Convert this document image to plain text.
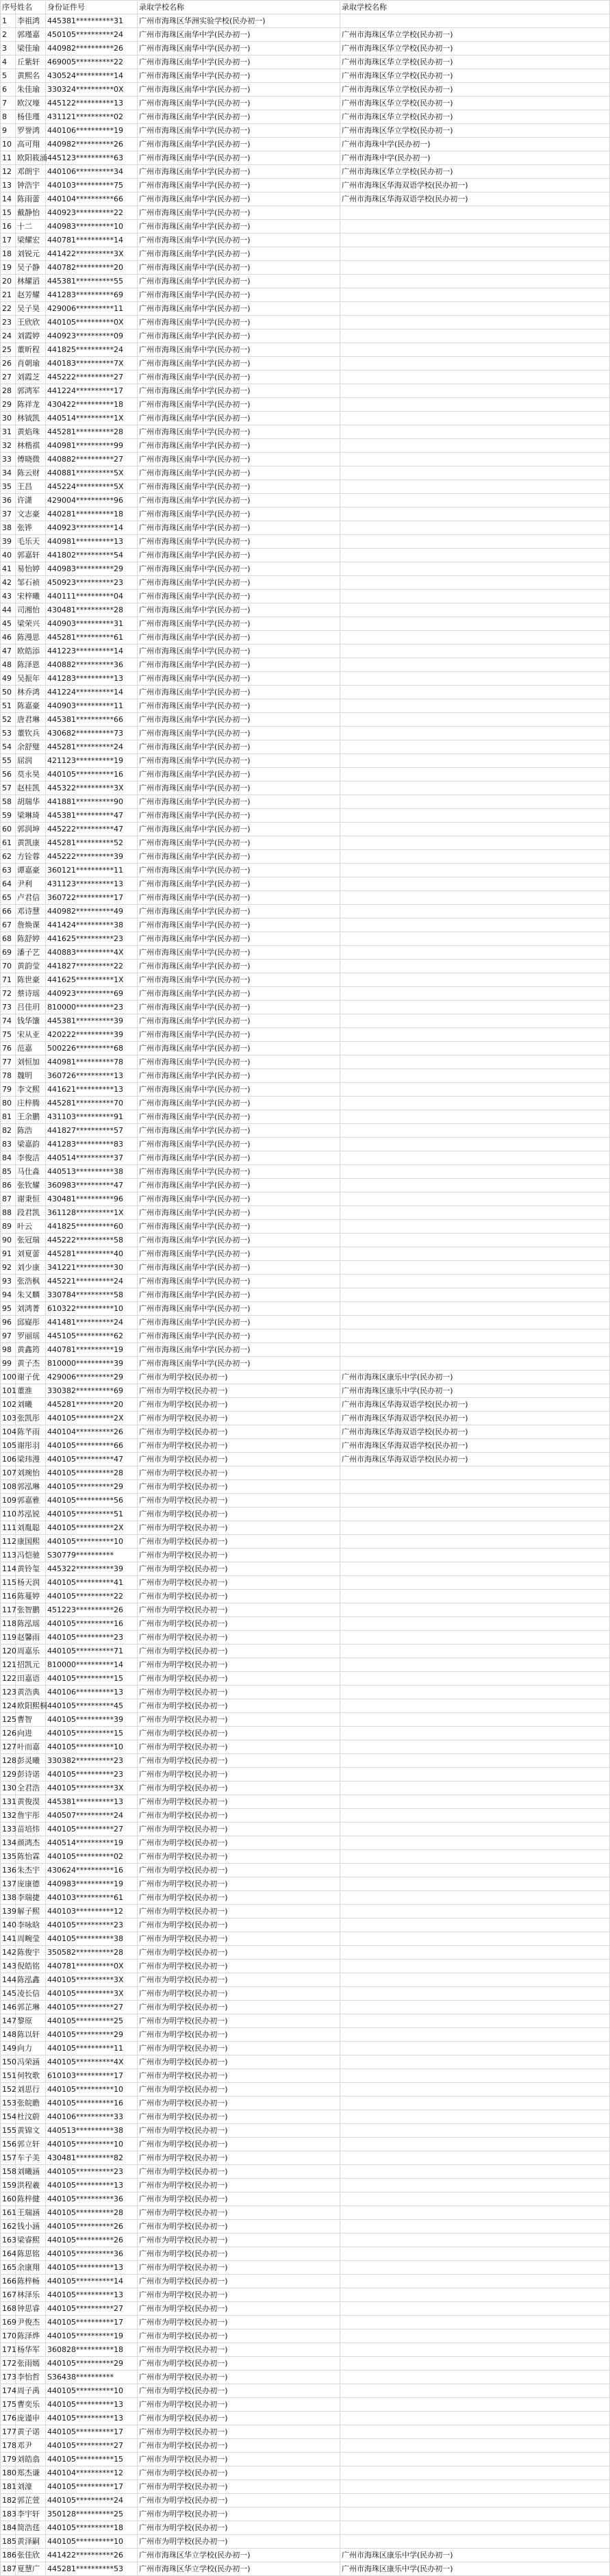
序号	姓名	身份证件号	录取学校名称	录取学校名称
1	李祖鸿	445381**********31	广州市海珠区华洲实验学校(民办初一)	
2	郭瑾嘉	450105**********24	广州市海珠区南华中学(民办初一)	广州市海珠区华立学校(民办初一)
3	梁佳瑜	440982**********26	广州市海珠区南华中学(民办初一)	广州市海珠区华立学校(民办初一)
4	丘紫轩	469005**********22	广州市海珠区南华中学(民办初一)	广州市海珠区华立学校(民办初一)
5	黄熙名	430524**********14	广州市海珠区南华中学(民办初一)	广州市海珠区华立学校(民办初一)
6	朱佳瑜	330324**********0X	广州市海珠区南华中学(民办初一)	广州市海珠区华立学校(民办初一)
7	欧汉壕	445122**********13	广州市海珠区南华中学(民办初一)	广州市海珠区华立学校(民办初一)
8	杨佳瑾	431121**********02	广州市海珠区南华中学(民办初一)	广州市海珠区华立学校(民办初一)
9	罗誉鸿	440106**********19	广州市海珠区南华中学(民办初一)	广州市海珠区华立学校(民办初一)
10	高可翔	440982**********26	广州市海珠区南华中学(民办初一)	广州市海珠中学(民办初一)
11	欧阳筱涌	445123**********63	广州市海珠区南华中学(民办初一)	广州市海珠中学(民办初一)
12	邓朗宇	440106**********34	广州市海珠区南华中学(民办初一)	广州市海珠区华立学校(民办初一)
13	钟浩宇	440103**********75	广州市海珠区南华中学(民办初一)	广州市海珠区华海双语学校(民办初一)
14	陈雨蕾	440104**********66	广州市海珠区南华中学(民办初一)	广州市海珠区华海双语学校(民办初一)
15	戴静怡	440923**********22	广州市海珠区南华中学(民办初一)	
16	十二	440983**********10	广州市海珠区南华中学(民办初一)	
17	梁耀宏	440781**********14	广州市海珠区南华中学(民办初一)	
18	刘锐元	441422**********3X	广州市海珠区南华中学(民办初一)	
19	吴子静	440782**********20	广州市海珠区南华中学(民办初一)	
20	林耀滔	445381**********55	广州市海珠区南华中学(民办初一)	
21	赵芳耀	441283**********69	广州市海珠区南华中学(民办初一)	
22	吴子昊	429006**********11	广州市海珠区南华中学(民办初一)	
23	王欣欣	440105**********0X	广州市海珠区南华中学(民办初一)	
24	刘霞婷	440923**********09	广州市海珠区南华中学(民办初一)	
25	董昕程	441825**********24	广州市海珠区南华中学(民办初一)	
26	肖朝瑜	440183**********7X	广州市海珠区南华中学(民办初一)	
27	刘霞芝	445222**********27	广州市海珠区南华中学(民办初一)	
28	郭鸿军	441224**********17	广州市海珠区南华中学(民办初一)	
29	陈祥龙	430422**********18	广州市海珠区南华中学(民办初一)	
30	林钺凯	440514**********1X	广州市海珠区南华中学(民办初一)	
31	黄焰珠	445281**********28	广州市海珠区南华中学(民办初一)	
32	林楷祺	440981**********99	广州市海珠区南华中学(民办初一)	
33	傅晓微	440882**********27	广州市海珠区南华中学(民办初一)	
34	陈云财	440881**********5X	广州市海珠区南华中学(民办初一)	
35	王昌	445224**********5X	广州市海珠区南华中学(民办初一)	
36	许潇	429004**********96	广州市海珠区南华中学(民办初一)	
37	文志豪	440281**********18	广州市海珠区南华中学(民办初一)	
38	张铧	440923**********14	广州市海珠区南华中学(民办初一)	
39	毛乐天	440981**********13	广州市海珠区南华中学(民办初一)	
40	郭嘉轩	441802**********54	广州市海珠区南华中学(民办初一)	
41	易怡婷	440983**********29	广州市海珠区南华中学(民办初一)	
42	邹石祯	450923**********23	广州市海珠区南华中学(民办初一)	
43	宋梓曦	440111**********04	广州市海珠区南华中学(民办初一)	
44	司湘怡	430481**********28	广州市海珠区南华中学(民办初一)	
45	梁荣兴	440903**********31	广州市海珠区南华中学(民办初一)	
46	陈漫思	445281**********61	广州市海珠区南华中学(民办初一)	
47	欧皓添	441223**********14	广州市海珠区南华中学(民办初一)	
48	陈泽恩	440882**********36	广州市海珠区南华中学(民办初一)	
49	吴振年	441283**********13	广州市海珠区南华中学(民办初一)	
50	林乔鸿	441224**********14	广州市海珠区南华中学(民办初一)	
51	陈嘉豪	440903**********11	广州市海珠区南华中学(民办初一)	
52	唐君琳	445381**********66	广州市海珠区南华中学(民办初一)	
53	董钦兵	430682**********73	广州市海珠区南华中学(民办初一)	
54	余舒璧	445281**********24	广州市海珠区南华中学(民办初一)	
55	屈润	421123**********19	广州市海珠区南华中学(民办初一)	
56	莫永昊	440105**********16	广州市海珠区南华中学(民办初一)	
57	赵桂凯	445322**********3X	广州市海珠区南华中学(民办初一)	
58	胡瑞华	441881**********90	广州市海珠区南华中学(民办初一)	
59	梁琳琦	445381**********47	广州市海珠区南华中学(民办初一)	
60	郭润坤	445222**********47	广州市海珠区南华中学(民办初一)	
61	黄凯康	445281**********52	广州市海珠区南华中学(民办初一)	
62	方铨蓉	445222**********39	广州市海珠区南华中学(民办初一)	
63	谭嘉豪	360121**********11	广州市海珠区南华中学(民办初一)	
64	尹利	431123**********13	广州市海珠区南华中学(民办初一)	
65	卢君信	360722**********17	广州市海珠区南华中学(民办初一)	
66	邓诗慧	440982**********49	广州市海珠区南华中学(民办初一)	
67	詹焕课	441424**********38	广州市海珠区南华中学(民办初一)	
68	陈舒婷	441625**********23	广州市海珠区南华中学(民办初一)	
69	潘子艺	440883**********4X	广州市海珠区南华中学(民办初一)	
70	黄韵莹	441827**********22	广州市海珠区南华中学(民办初一)	
71	陈世豪	441625**********1X	广州市海珠区南华中学(民办初一)	
72	蔡诗瑶	440923**********69	广州市海珠区南华中学(民办初一)	
73	吕佳玥	810000**********23	广州市海珠区南华中学(民办初一)	
74	钱华馕	445381**********39	广州市海珠区南华中学(民办初一)	
75	宋从亚	420222**********39	广州市海珠区南华中学(民办初一)	
76	范嘉	500226**********68	广州市海珠区南华中学(民办初一)	
77	刘恒加	440981**********78	广州市海珠区南华中学(民办初一)	
78	魏明	360726**********13	广州市海珠区南华中学(民办初一)	
79	李文熙	441621**********13	广州市海珠区南华中学(民办初一)	
80	庄梓腾	445281**********70	广州市海珠区南华中学(民办初一)	
81	王余鹏	431103**********91	广州市海珠区南华中学(民办初一)	
82	陈浩	441827**********57	广州市海珠区南华中学(民办初一)	
83	梁嘉韵	441283**********83	广州市海珠区南华中学(民办初一)	
84	李俊洁	440514**********37	广州市海珠区南华中学(民办初一)	
85	马仕淼	440513**********38	广州市海珠区南华中学(民办初一)	
86	张钦耀	360983**********47	广州市海珠区南华中学(民办初一)	
87	谢秉恒	430481**********96	广州市海珠区南华中学(民办初一)	
88	段君凯	361128**********1X	广州市海珠区南华中学(民办初一)	
89	叶云	441825**********60	广州市海珠区南华中学(民办初一)	
90	张冠瑞	445222**********58	广州市海珠区南华中学(民办初一)	
91	刘夏蕾	445281**********40	广州市海珠区南华中学(民办初一)	
92	刘少康	341221**********30	广州市海珠区南华中学(民办初一)	
93	张浩枫	445221**********24	广州市海珠区南华中学(民办初一)	
94	朱又麟	330784**********58	广州市海珠区南华中学(民办初一)	
95	刘鸿菁	610322**********10	广州市海珠区南华中学(民办初一)	
96	邱嶷彤	441481**********24	广州市海珠区南华中学(民办初一)	
97	罗丽瑶	445105**********62	广州市海珠区南华中学(民办初一)	
98	黄鑫筠	440781**********19	广州市海珠区南华中学(民办初一)	
99	黄子杰	810000**********39	广州市海珠区南华中学(民办初一)	
100	谢子优	429006**********29	广州市为明学校(民办初一)	广州市海珠区康乐中学(民办初一)
101	董淮	330382**********69	广州市为明学校(民办初一)	广州市海珠区康乐中学(民办初一)
102	刘曦	445281**********20	广州市为明学校(民办初一)	广州市海珠区华海双语学校(民办初一)
103	张凯彤	440105**********2X	广州市为明学校(民办初一)	广州市海珠区华海双语学校(民办初一)
104	陈芊雨	440104**********26	广州市为明学校(民办初一)	广州市海珠区华海双语学校(民办初一)
105	谢彤羽	440105**********66	广州市为明学校(民办初一)	广州市海珠区华海双语学校(民办初一)
106	梁玮漫	440105**********47	广州市为明学校(民办初一)	广州市海珠区华海双语学校(民办初一)
107	刘琬怡	440105**********28	广州市为明学校(民办初一)	
108	郭泓琳	440105**********29	广州市为明学校(民办初一)	
109	郭嘉雅	440105**********56	广州市为明学校(民办初一)	
110	苏泓锐	440105**********51	广州市为明学校(民办初一)	
111	刘胤聪	440105**********2X	广州市为明学校(民办初一)	
112	康国熙	440105**********10	广州市为明学校(民办初一)	
113	冯恺驰	S30779**********	广州市为明学校(民办初一)	
114	黄铃玺	445322**********39	广州市为明学校(民办初一)	
115	杨天润	440105**********41	广州市为明学校(民办初一)	
116	陈蔓婷	440105**********22	广州市为明学校(民办初一)	
117	张智鹏	451223**********26	广州市为明学校(民办初一)	
118	陈泓瑶	440105**********16	广州市为明学校(民办初一)	
119	赵馨雨	440105**********23	广州市为明学校(民办初一)	
120	周嘉乐	440105**********71	广州市为明学校(民办初一)	
121	招凯元	810000**********14	广州市为明学校(民办初一)	
122	田嘉语	440105**********15	广州市为明学校(民办初一)	
123	黄浩典	440106**********13	广州市为明学校(民办初一)	
124	欧阳熙桐	440105**********45	广州市为明学校(民办初一)	
125	曹智	440105**********39	广州市为明学校(民办初一)	
126	向进	440105**********15	广州市为明学校(民办初一)	
127	叶而嘉	440105**********10	广州市为明学校(民办初一)	
128	彭灵曦	330382**********23	广州市为明学校(民办初一)	
129	彭诗诺	440105**********23	广州市为明学校(民办初一)	
130	全君浩	440105**********3X	广州市为明学校(民办初一)	
131	黄俊淏	445381**********13	广州市为明学校(民办初一)	
132	詹宇彤	440507**********24	广州市为明学校(民办初一)	
133	苗培炜	440105**********27	广州市为明学校(民办初一)	
134	颜鸿杰	440514**********19	广州市为明学校(民办初一)	
135	陈怡霖	440105**********02	广州市为明学校(民办初一)	
136	朱杰宇	430624**********16	广州市为明学校(民办初一)	
137	庞康德	440983**********19	广州市为明学校(民办初一)	
138	李瑞捷	440103**********61	广州市为明学校(民办初一)	
139	解子熙	440103**********12	广州市为明学校(民办初一)	
140	李咏晗	440105**********23	广州市为明学校(民办初一)	
141	周畹莹	440105**********38	广州市为明学校(民办初一)	
142	陈俊宇	350582**********28	广州市为明学校(民办初一)	
143	倪皓铭	440781**********0X	广州市为明学校(民办初一)	
144	陈泓鑫	440105**********3X	广州市为明学校(民办初一)	
145	凌长信	440105**********3X	广州市为明学校(民办初一)	
146	郭芷琳	440105**********27	广州市为明学校(民办初一)	
147	黎原	440105**********25	广州市为明学校(民办初一)	
148	陈以轩	440105**********29	广州市为明学校(民办初一)	
149	向力	440105**********11	广州市为明学校(民办初一)	
150	冯荣涵	440105**********4X	广州市为明学校(民办初一)	
151	何牧歌	610103**********17	广州市为明学校(民办初一)	
152	刘思行	440105**********10	广州市为明学校(民办初一)	
153	张皖瞻	440105**********16	广州市为明学校(民办初一)	
154	杜汶蔚	440106**********33	广州市为明学校(民办初一)	
155	黄锦文	440513**********38	广州市为明学校(民办初一)	
156	郭立轩	440105**********10	广州市为明学校(民办初一)	
157	车子美	430481**********82	广州市为明学校(民办初一)	
158	刘曦涵	440105**********23	广州市为明学校(民办初一)	
159	洪程羲	440105**********13	广州市为明学校(民办初一)	
160	陈梓健	440105**********36	广州市为明学校(民办初一)	
161	王瑞涵	440105**********28	广州市为明学校(民办初一)	
162	钱小涵	440105**********26	广州市为明学校(民办初一)	
163	梁睿熙	440105**********26	广州市为明学校(民办初一)	
164	陈思铭	440105**********36	广州市为明学校(民办初一)	
165	余康翔	440105**********13	广州市为明学校(民办初一)	
166	陈梓畅	440105**********14	广州市为明学校(民办初一)	
167	林泽乐	440105**********13	广州市为明学校(民办初一)	
168	钟思睿	440105**********27	广州市为明学校(民办初一)	
169	尹俊杰	440105**********17	广州市为明学校(民办初一)	
170	陈泽烨	440105**********19	广州市为明学校(民办初一)	
171	杨华军	360828**********18	广州市为明学校(民办初一)	
172	张雨嫣	440105**********29	广州市为明学校(民办初一)	
173	李怡哲	S36438**********	广州市为明学校(民办初一)	
174	周子禹	440105**********10	广州市为明学校(民办初一)	
175	曹奕乐	440105**********13	广州市为明学校(民办初一)	
176	庞谨申	440105**********13	广州市为明学校(民办初一)	
177	黄子诺	440105**********17	广州市为明学校(民办初一)	
178	邓尹	440105**********27	广州市为明学校(民办初一)	
179	刘皓翕	440105**********15	广州市为明学校(民办初一)	
180	郑杰谦	440104**********12	广州市为明学校(民办初一)	
181	刘濠	440105**********17	广州市为明学校(民办初一)	
182	郭芷萱	440105**********24	广州市为明学校(民办初一)	
183	李宇轩	350128**********25	广州市为明学校(民办初一)	
184	简浩莛	440105**********18	广州市为明学校(民办初一)	
185	黄泽嗣	440105**********10	广州市为明学校(民办初一)	
186	张佳欣	441422**********26	广州市海珠区华立学校(民办初一)	广州市海珠区康乐中学(民办初一)
187	夏慧广	445281**********53	广州市海珠区华立学校(民办初一)	广州市海珠区康乐中学(民办初一)
